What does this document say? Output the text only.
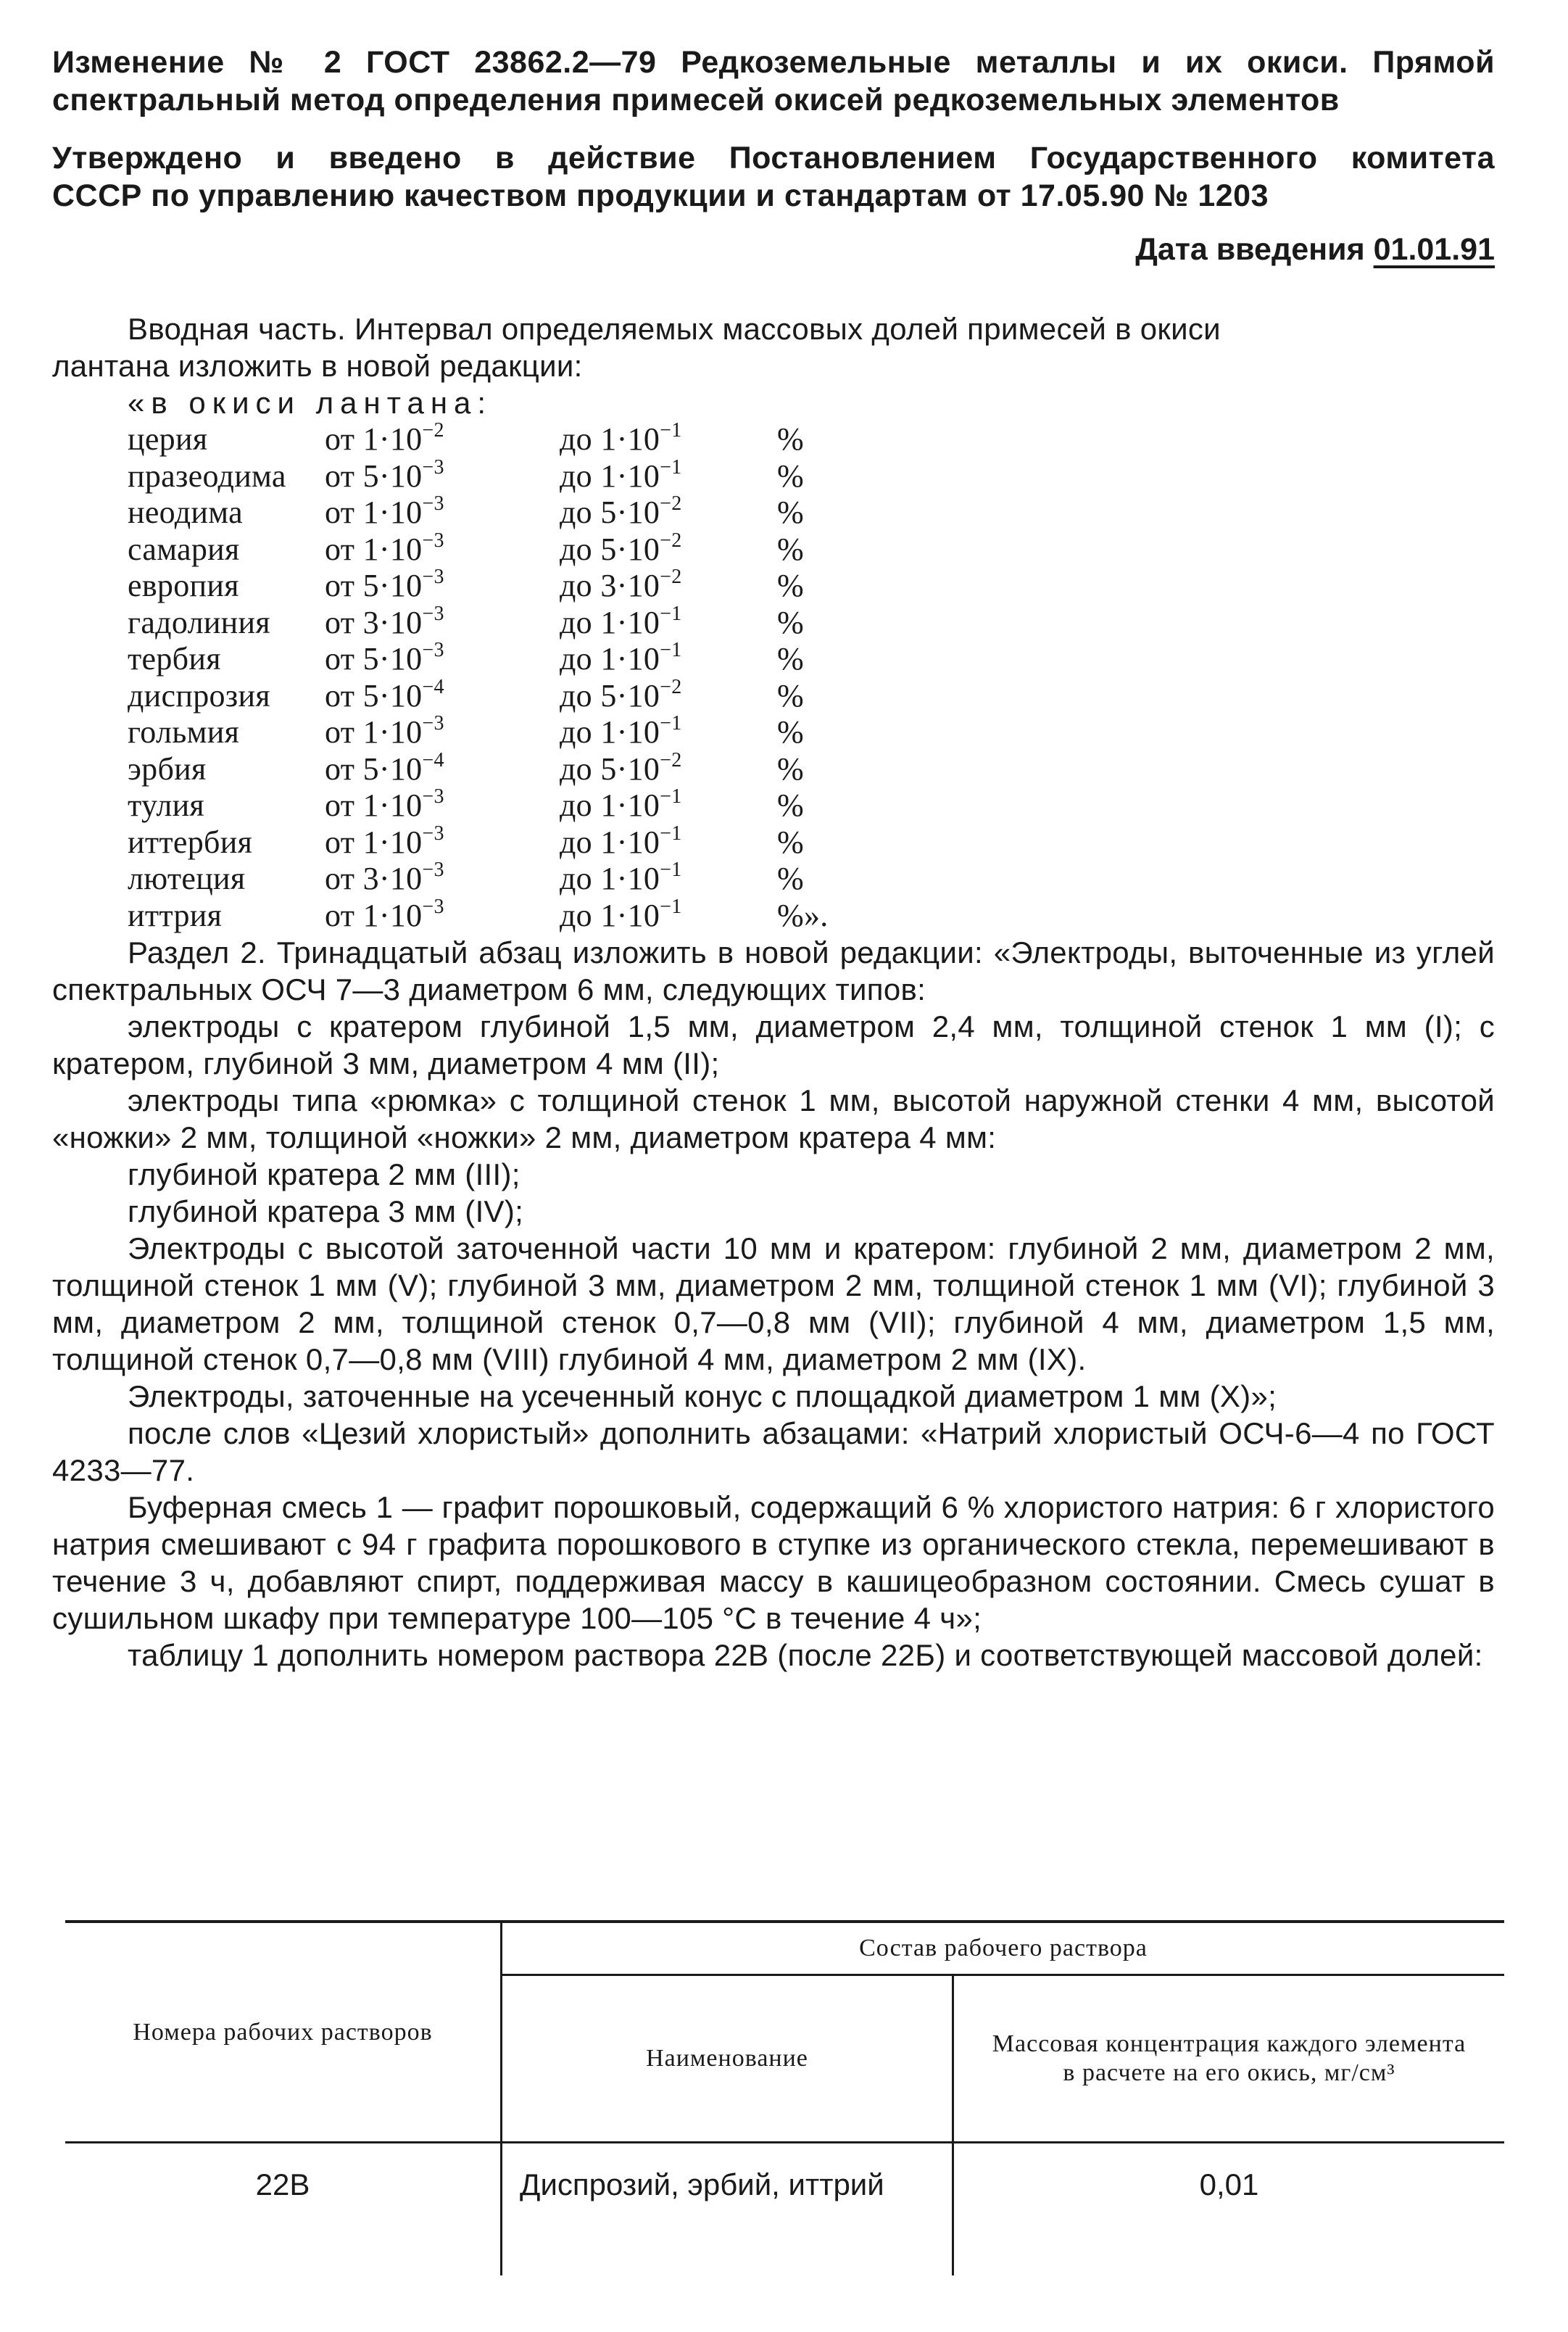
Изменение № 2 ГОСТ 23862.2—79 Редкоземельные металлы и их окиси. Прямой

спектральный метод определения примесей окисей редкоземельных элементов

Утверждено и введено в действие Постановлением Государственного комитета

СССР по управлению качеством продукции и стандартам от 17.05.90 № 1203

Дата введения 01.01.91

Вводная часть. Интервал определяемых массовых долей примесей в окиси

лантана изложить в новой редакции:

«в окиси лантана:

церия	от $1\cdot 10^{-2}$	до $1\cdot 10^{-1}$	%
празеодима	от $5\cdot 10^{-3}$	до $1\cdot 10^{-1}$	%
неодима	от $1\cdot 10^{-3}$	до $5\cdot 10^{-2}$	%
самария	от $1\cdot 10^{-3}$	до $5\cdot 10^{-2}$	%
европия	от $5\cdot 10^{-3}$	до $3\cdot 10^{-2}$	%
гадолиния	от $3\cdot 10^{-3}$	до $1\cdot 10^{-1}$	%
тербия	от $5\cdot 10^{-3}$	до $1\cdot 10^{-1}$	%
диспрозия	от $5\cdot 10^{-4}$	до $5\cdot 10^{-2}$	%
гольмия	от $1\cdot 10^{-3}$	до $1\cdot 10^{-1}$	%
эрбия	от $5\cdot 10^{-4}$	до $5\cdot 10^{-2}$	%
тулия	от $1\cdot 10^{-3}$	до $1\cdot 10^{-1}$	%
иттербия	от $1\cdot 10^{-3}$	до $1\cdot 10^{-1}$	%
лютеция	от $3\cdot 10^{-3}$	до $1\cdot 10^{-1}$	%
иттрия	от $1\cdot 10^{-3}$	до $1\cdot 10^{-1}$	%».

Раздел 2. Тринадцатый абзац изложить в новой редакции: «Электроды, выточенные из углей спектральных ОСЧ 7—3 диаметром 6 мм, следующих типов:

электроды с кратером глубиной 1,5 мм, диаметром 2,4 мм, толщиной стенок 1 мм (I); с кратером, глубиной 3 мм, диаметром 4 мм (II);

электроды типа «рюмка» с толщиной стенок 1 мм, высотой наружной стенки 4 мм, высотой «ножки» 2 мм, толщиной «ножки» 2 мм, диаметром кратера 4 мм:

глубиной кратера 2 мм (III);

глубиной кратера 3 мм (IV);

Электроды с высотой заточенной части 10 мм и кратером: глубиной 2 мм, диаметром 2 мм, толщиной стенок 1 мм (V); глубиной 3 мм, диаметром 2 мм, толщиной стенок 1 мм (VI); глубиной 3 мм, диаметром 2 мм, толщиной стенок 0,7—0,8 мм (VII); глубиной 4 мм, диаметром 1,5 мм, толщиной стенок 0,7—0,8 мм (VIII) глубиной 4 мм, диаметром 2 мм (IX).

Электроды, заточенные на усеченный конус с площадкой диаметром 1 мм (X)»;

после слов «Цезий хлористый» дополнить абзацами: «Натрий хлористый ОСЧ-6—4 по ГОСТ 4233—77.

Буферная смесь 1 — графит порошковый, содержащий 6 % хлористого натрия: 6 г хлористого натрия смешивают с 94 г графита порошкового в ступке из органического стекла, перемешивают в течение 3 ч, добавляют спирт, поддерживая массу в кашицеобразном состоянии. Смесь сушат в сушильном шкафу при температуре 100—105 °С в течение 4 ч»;

таблицу 1 дополнить номером раствора 22В (после 22Б) и соответствующей массовой долей:

Номера рабочих растворов	Состав рабочего раствора	
	Наименование	Массовая концентрация каждого элемента в расчете на его окись, мг/см³
22В	Диспрозий, эрбий, иттрий	0,01
